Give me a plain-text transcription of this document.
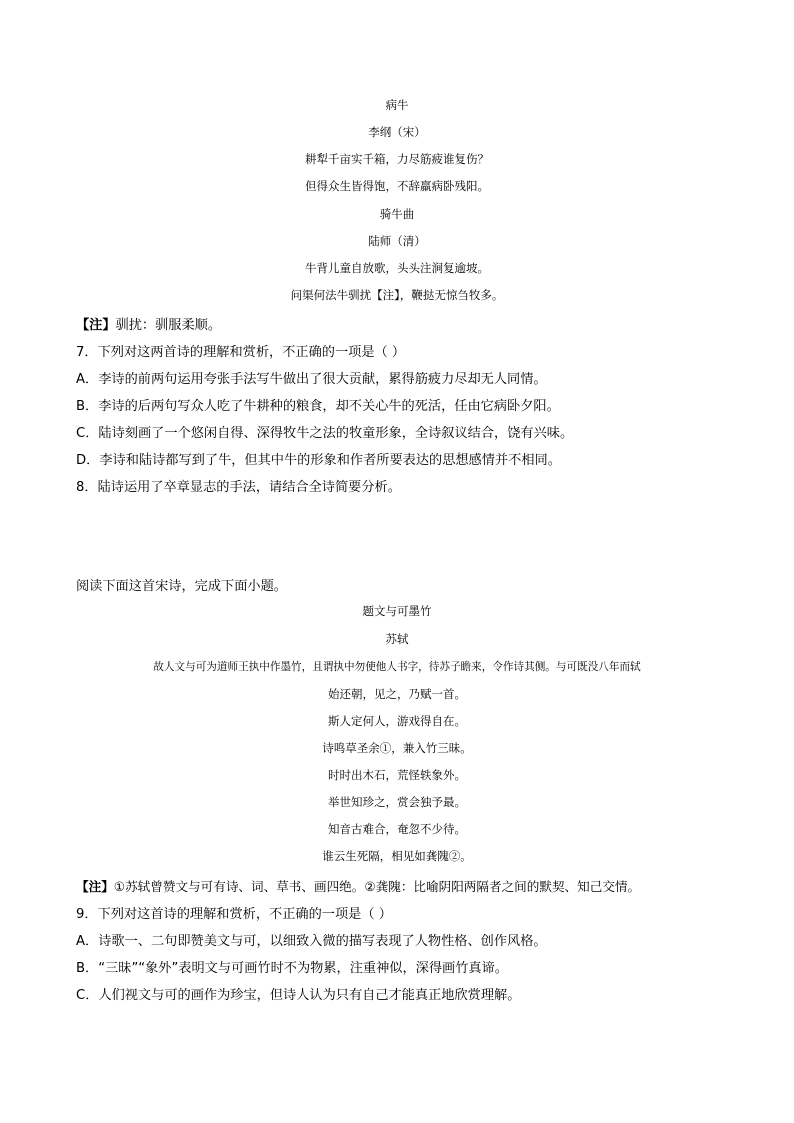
病牛
李纲（宋）
耕犁千亩实千箱，力尽筋疲谁复伤？
但得众生皆得饱，不辞羸病卧残阳。
骑牛曲
陆师（清）
牛背儿童自放歌，头头注涧复逾坡。
问渠何法牛驯扰【注】，鞭挞无惊刍牧多。
【注】驯扰：驯服柔顺。
7．下列对这两首诗的理解和赏析，不正确的一项是（ ）
A．李诗的前两句运用夸张手法写牛做出了很大贡献，累得筋疲力尽却无人同情。
B．李诗的后两句写众人吃了牛耕种的粮食，却不关心牛的死活，任由它病卧夕阳。
C．陆诗刻画了一个悠闲自得、深得牧牛之法的牧童形象，全诗叙议结合，饶有兴味。
D．李诗和陆诗都写到了牛，但其中牛的形象和作者所要表达的思想感情并不相同。
8．陆诗运用了卒章显志的手法，请结合全诗简要分析。
阅读下面这首宋诗，完成下面小题。
题文与可墨竹
苏轼
故人文与可为道师王执中作墨竹，且谓执中勿使他人书字，待苏子瞻来，令作诗其侧。与可既没八年而轼
始还朝，见之，乃赋一首。
斯人定何人，游戏得自在。
诗鸣草圣余①，兼入竹三昧。
时时出木石，荒怪轶象外。
举世知珍之，赏会独予最。
知音古难合，奄忽不少待。
谁云生死隔，相见如龚隗②。
【注】①苏轼曾赞文与可有诗、词、草书、画四绝。②龚隗：比喻阴阳两隔者之间的默契、知己交情。
9．下列对这首诗的理解和赏析，不正确的一项是（ ）
A．诗歌一、二句即赞美文与可，以细致入微的描写表现了人物性格、创作风格。
B．“三昧”“象外”表明文与可画竹时不为物累，注重神似，深得画竹真谛。
C．人们视文与可的画作为珍宝，但诗人认为只有自己才能真正地欣赏理解。
